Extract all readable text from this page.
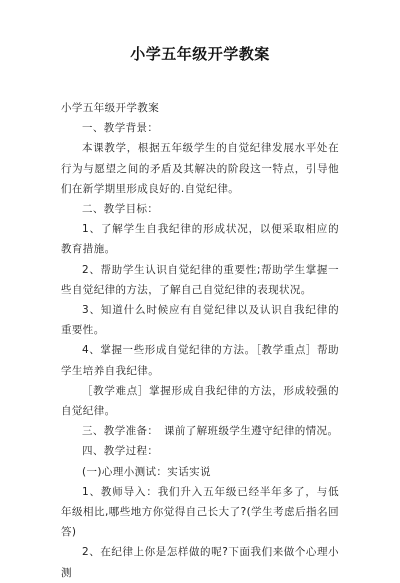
小学五年级开学教案

小学五年级开学教案

一、教学背景：

本课教学，根据五年级学生的自觉纪律发展水平处在行为与愿望之间的矛盾及其解决的阶段这一特点，引导他们在新学期里形成良好的.自觉纪律。

二、教学目标：

1、了解学生自我纪律的形成状况，以便采取相应的教育措施。

2、帮助学生认识自觉纪律的重要性;帮助学生掌握一些自觉纪律的方法，了解自己自觉纪律的表现状况。

3、知道什么时候应有自觉纪律以及认识自我纪律的重要性。

4、掌握一些形成自觉纪律的方法。［教学重点］帮助学生培养自我纪律。

［教学难点］掌握形成自我纪律的方法，形成较强的自觉纪律。

三、教学准备：　课前了解班级学生遵守纪律的情况。

四、教学过程：

(一)心理小测试：实话实说

1、教师导入：我们升入五年级已经半年多了，与低年级相比,哪些地方你觉得自己长大了?(学生考虑后指名回答)

2、在纪律上你是怎样做的呢?下面我们来做个心理小测
